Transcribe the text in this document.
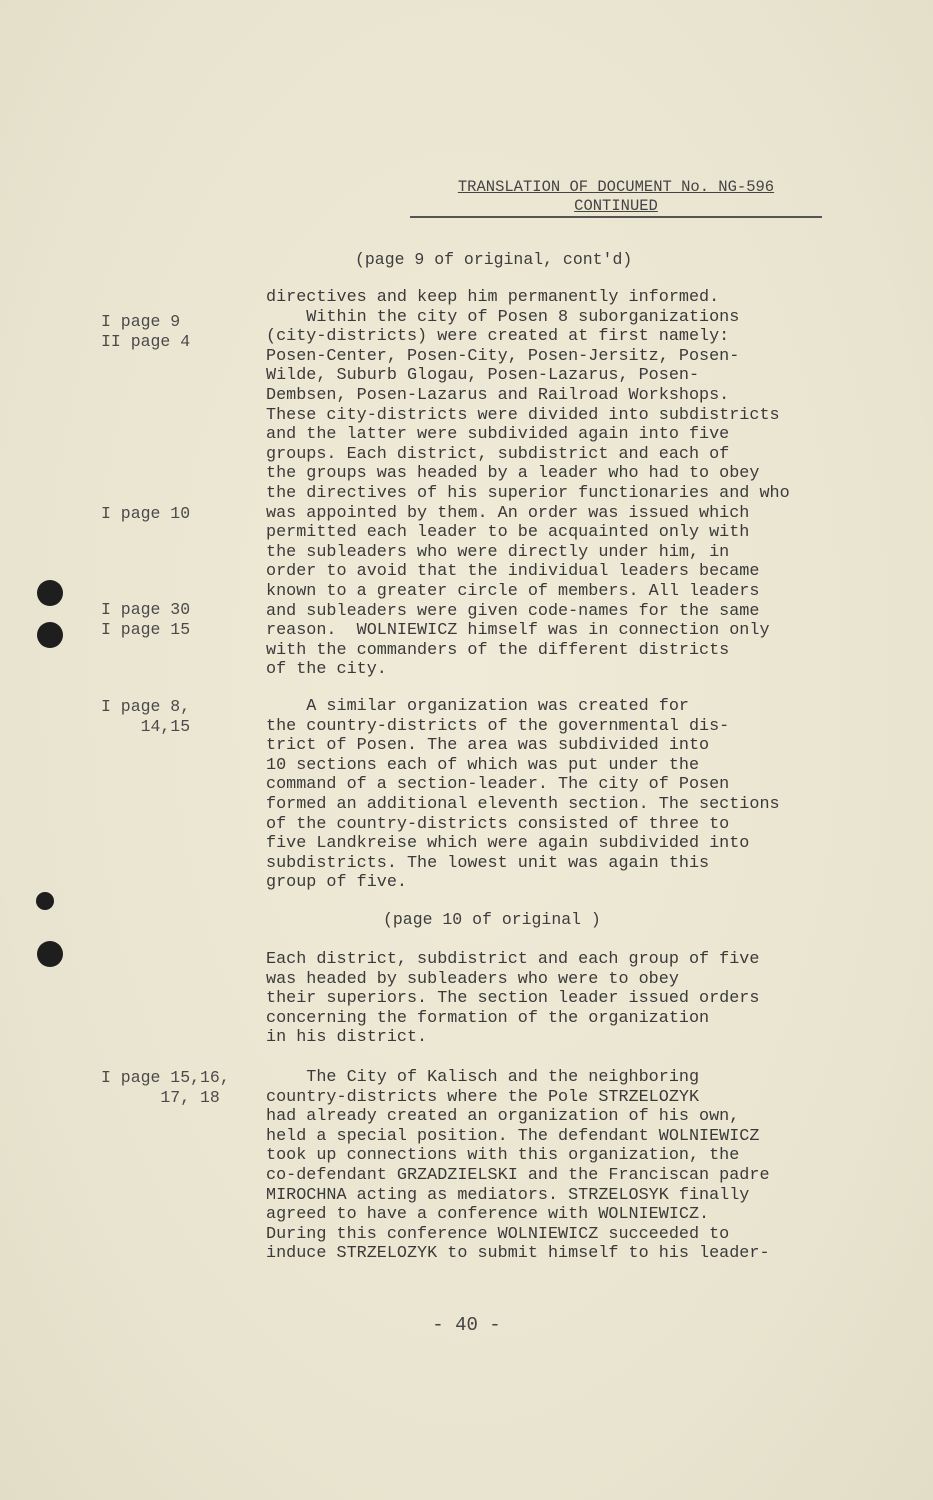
TRANSLATION OF DOCUMENT No. NG-596
CONTINUED
(page 9 of original, cont'd)
I page 9
II page 4
I page 10
I page 30
I page 15
I page 8,
14,15
I page 15,16,
17, 18
directives and keep him permanently informed.
Within the city of Posen 8 suborganizations
(city-districts) were created at first namely:
Posen-Center, Posen-City, Posen-Jersitz, Posen-
Wilde, Suburb Glogau, Posen-Lazarus, Posen-
Dembsen, Posen-Lazarus and Railroad Workshops.
These city-districts were divided into subdistricts
and the latter were subdivided again into five
groups. Each district, subdistrict and each of
the groups was headed by a leader who had to obey
the directives of his superior functionaries and who
was appointed by them. An order was issued which
permitted each leader to be acquainted only with
the subleaders who were directly under him, in
order to avoid that the individual leaders became
known to a greater circle of members. All leaders
and subleaders were given code-names for the same
reason.  WOLNIEWICZ himself was in connection only
with the commanders of the different districts
of the city.
A similar organization was created for
the country-districts of the governmental dis-
trict of Posen. The area was subdivided into
10 sections each of which was put under the
command of a section-leader. The city of Posen
formed an additional eleventh section. The sections
of the country-districts consisted of three to
five Landkreise which were again subdivided into
subdistricts. The lowest unit was again this
group of five.
(page 10 of original )
Each district, subdistrict and each group of five
was headed by subleaders who were to obey
their superiors. The section leader issued orders
concerning the formation of the organization
in his district.
The City of Kalisch and the neighboring
country-districts where the Pole STRZELOZYK
had already created an organization of his own,
held a special position. The defendant WOLNIEWICZ
took up connections with this organization, the
co-defendant GRZADZIELSKI and the Franciscan padre
MIROCHNA acting as mediators. STRZELOSYK finally
agreed to have a conference with WOLNIEWICZ.
During this conference WOLNIEWICZ succeeded to
induce STRZELOZYK to submit himself to his leader-
- 40 -
